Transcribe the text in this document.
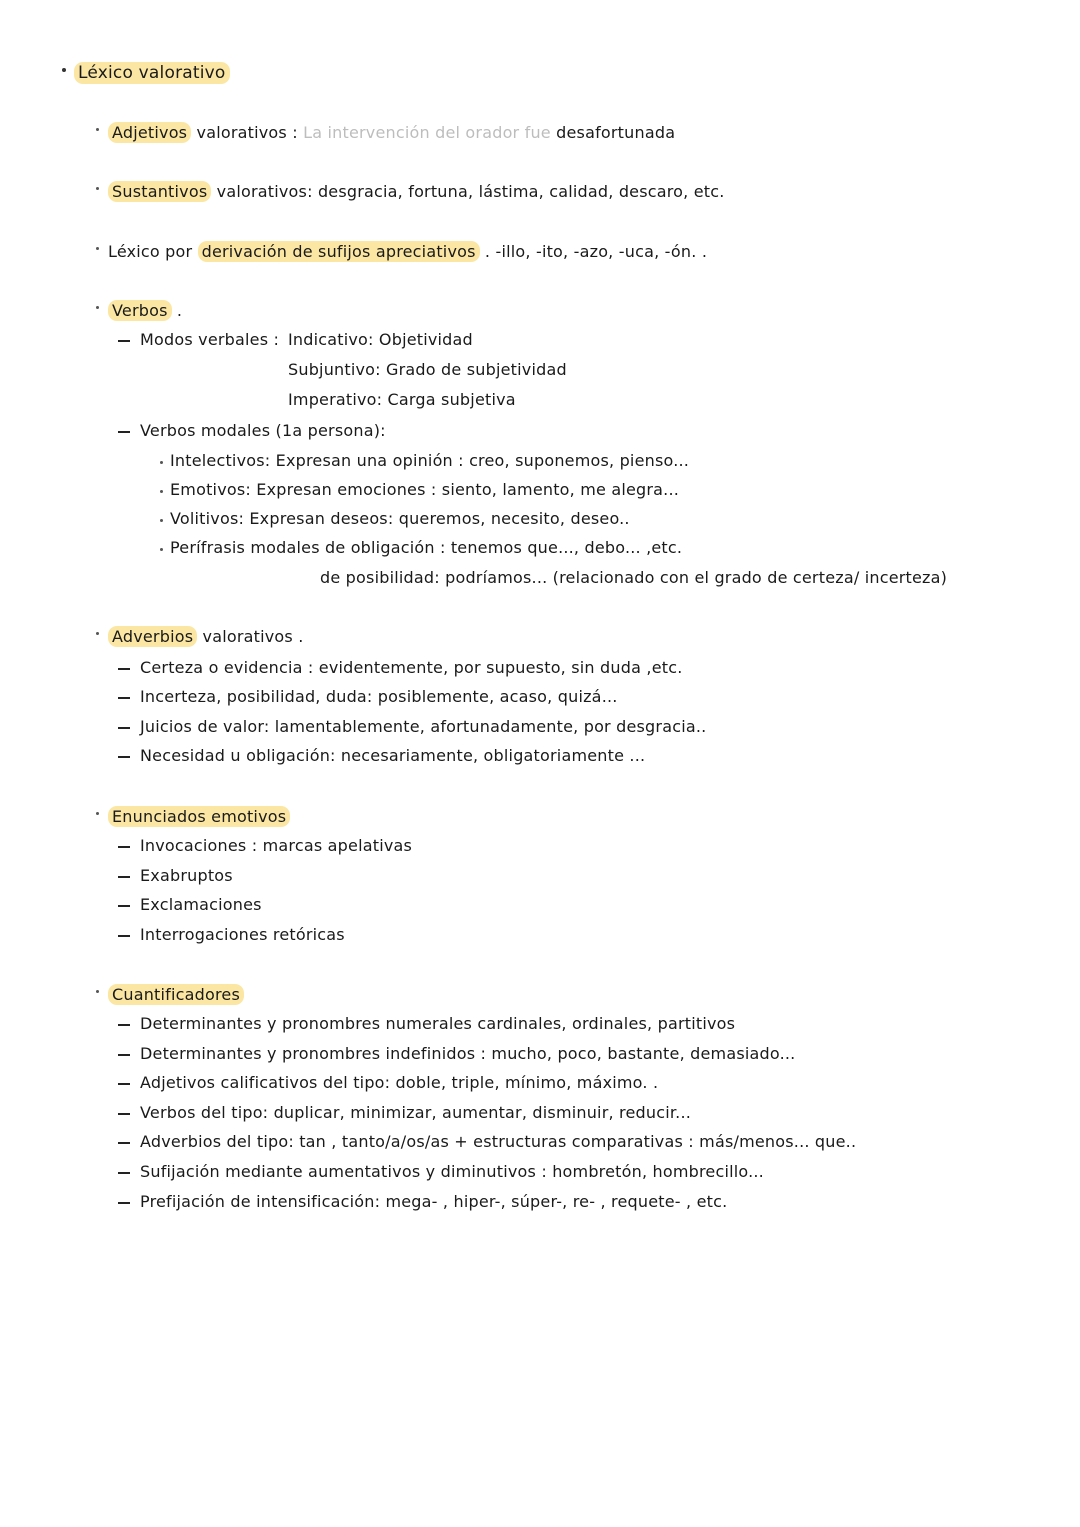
Léxico valorativo
Adjetivos valorativos : La intervención del orador fue desafortunada
Sustantivos valorativos: desgracia, fortuna, lástima, calidad, descaro, etc.
Léxico por derivación de sufijos apreciativos . -illo, -ito, -azo, -uca, -ón. .
Verbos .
Modos verbales : Indicativo: Objetividad
Subjuntivo: Grado de subjetividad
Imperativo: Carga subjetiva
Verbos modales (1a persona):
Intelectivos: Expresan una opinión : creo, suponemos, pienso...
Emotivos: Expresan emociones : siento, lamento, me alegra...
Volitivos: Expresan deseos: queremos, necesito, deseo..
Perífrasis modales de obligación : tenemos que..., debo... ,etc.
de posibilidad: podríamos... (relacionado con el grado de certeza/ incerteza)
Adverbios valorativos .
Certeza o evidencia : evidentemente, por supuesto, sin duda ,etc.
Incerteza, posibilidad, duda: posiblemente, acaso, quizá...
Juicios de valor: lamentablemente, afortunadamente, por desgracia..
Necesidad u obligación: necesariamente, obligatoriamente ...
Enunciados emotivos
Invocaciones : marcas apelativas
Exabruptos
Exclamaciones
Interrogaciones retóricas
Cuantificadores
Determinantes y pronombres numerales cardinales, ordinales, partitivos
Determinantes y pronombres indefinidos : mucho, poco, bastante, demasiado...
Adjetivos calificativos del tipo: doble, triple, mínimo, máximo. .
Verbos del tipo: duplicar, minimizar, aumentar, disminuir, reducir...
Adverbios del tipo: tan , tanto/a/os/as + estructuras comparativas : más/menos... que..
Sufijación mediante aumentativos y diminutivos : hombretón, hombrecillo...
Prefijación de intensificación: mega- , hiper-, súper-, re- , requete- , etc.
